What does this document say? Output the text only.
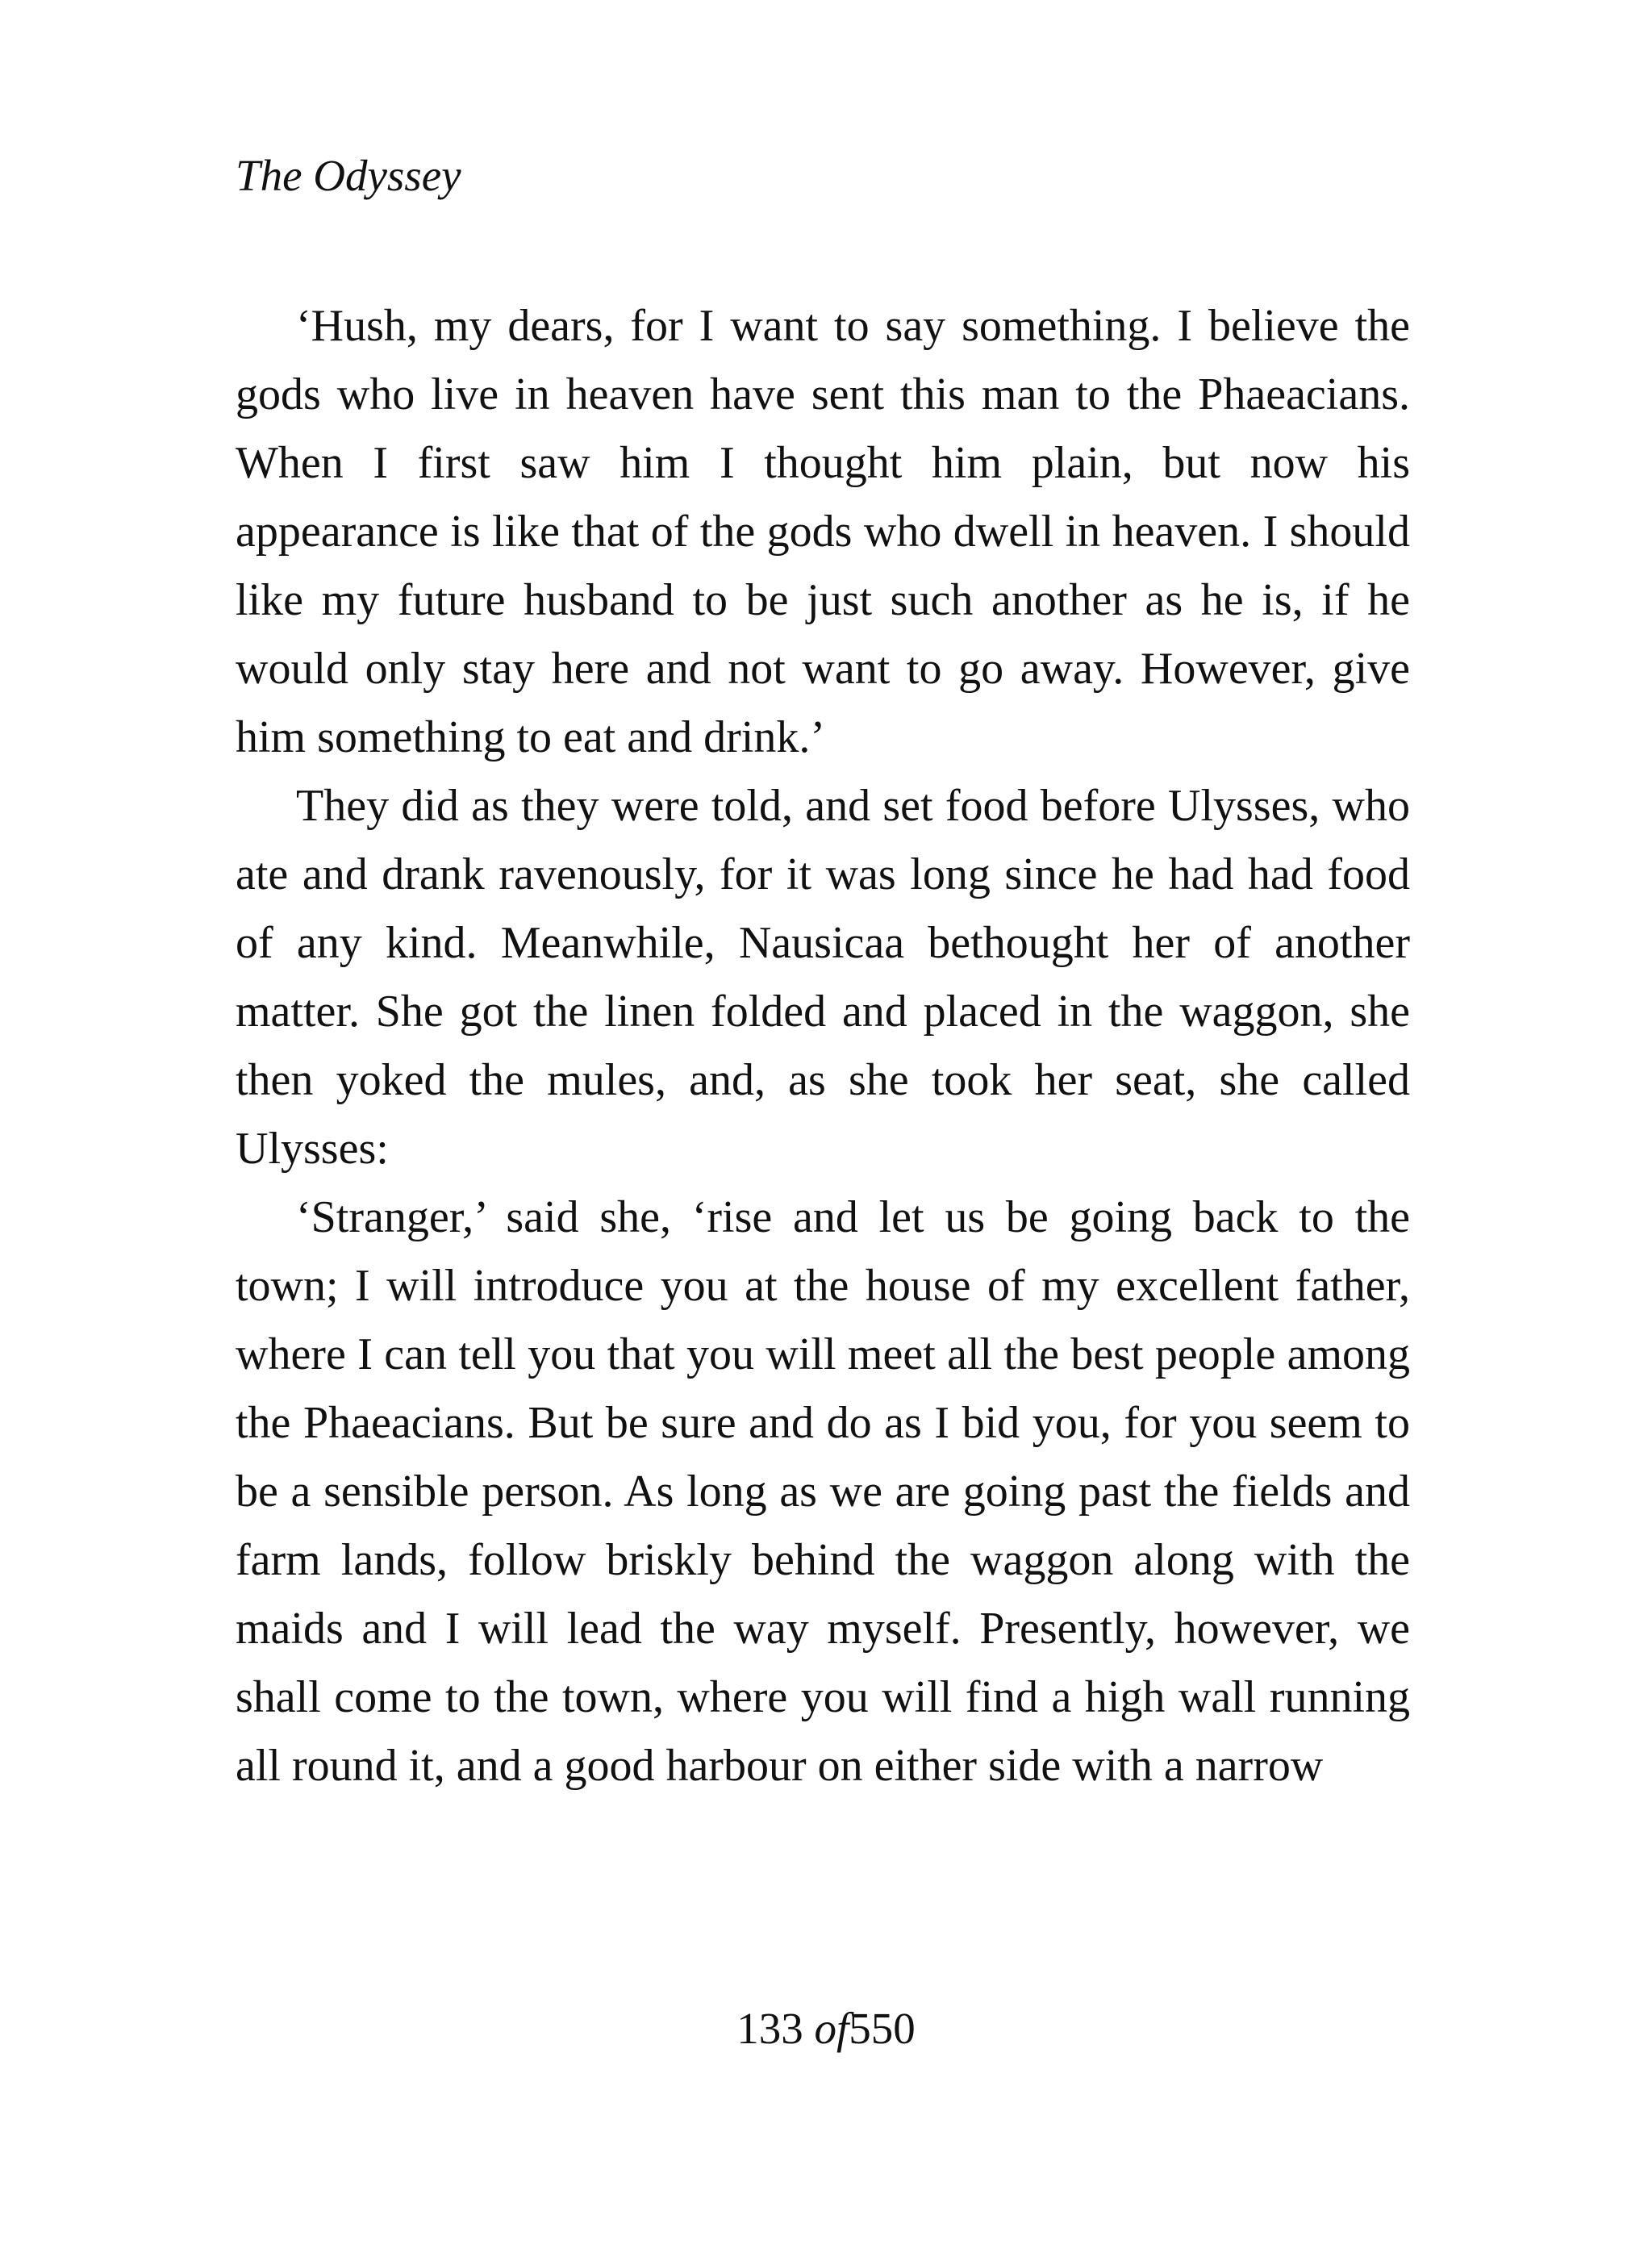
The Odyssey

‘Hush, my dears, for I want to say something. I believe the gods who live in heaven have sent this man to the Phaeacians. When I first saw him I thought him plain, but now his appearance is like that of the gods who dwell in heaven. I should like my future husband to be just such another as he is, if he would only stay here and not want to go away. However, give him something to eat and drink.’

They did as they were told, and set food before Ulysses, who ate and drank ravenously, for it was long since he had had food of any kind. Meanwhile, Nausicaa bethought her of another matter. She got the linen folded and placed in the waggon, she then yoked the mules, and, as she took her seat, she called Ulysses:

‘Stranger,’ said she, ‘rise and let us be going back to the town; I will introduce you at the house of my excellent father, where I can tell you that you will meet all the best people among the Phaeacians. But be sure and do as I bid you, for you seem to be a sensible person. As long as we are going past the fields and farm lands, follow briskly behind the waggon along with the maids and I will lead the way myself. Presently, however, we shall come to the town, where you will find a high wall running all round it, and a good harbour on either side with a narrow

133 of550
